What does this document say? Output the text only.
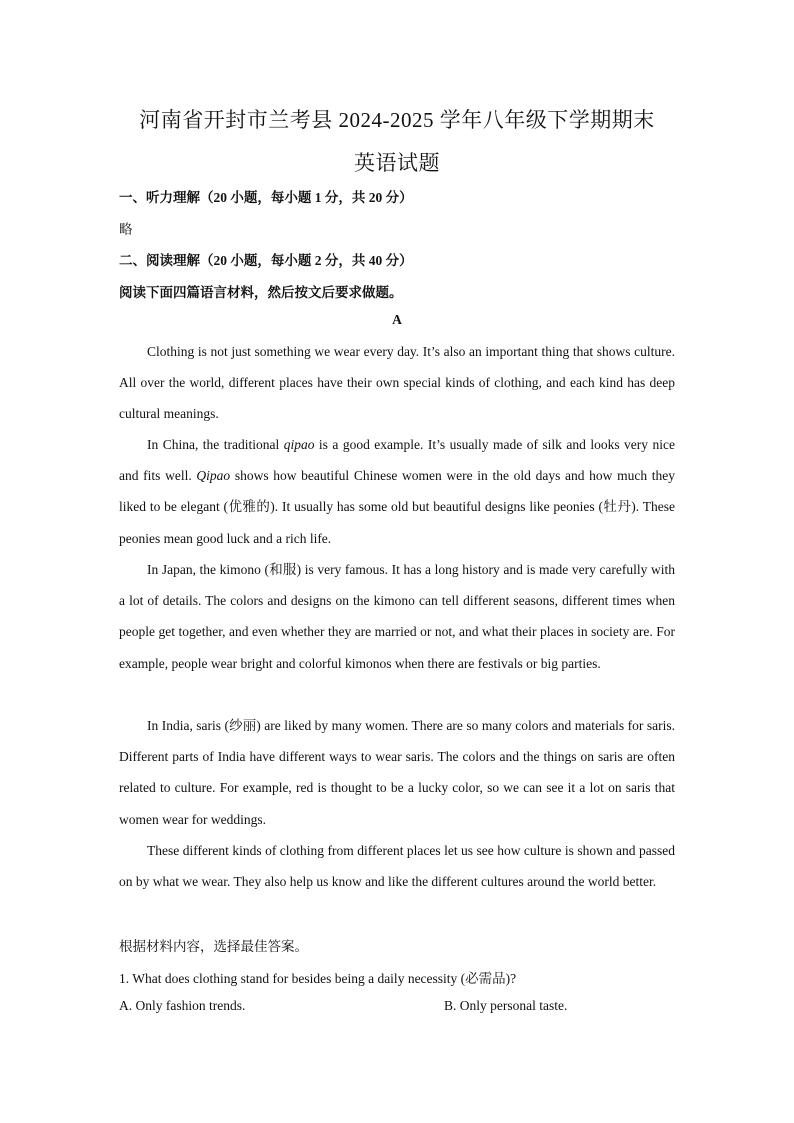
河南省开封市兰考县 2024-2025 学年八年级下学期期末
英语试题
一、听力理解（20 小题，每小题 1 分，共 20 分）
略
二、阅读理解（20 小题，每小题 2 分，共 40 分）
阅读下面四篇语言材料，然后按文后要求做题。
A
Clothing is not just something we wear every day. It’s also an important thing that shows culture. All over the world, different places have their own special kinds of clothing, and each kind has deep cultural meanings.
In China, the traditional qipao is a good example. It’s usually made of silk and looks very nice and fits well. Qipao shows how beautiful Chinese women were in the old days and how much they liked to be elegant (优雅的). It usually has some old but beautiful designs like peonies (牡丹). These peonies mean good luck and a rich life.
In Japan, the kimono (和服) is very famous. It has a long history and is made very carefully with a lot of details. The colors and designs on the kimono can tell different seasons, different times when people get together, and even whether they are married or not, and what their places in society are. For example, people wear bright and colorful kimonos when there are festivals or big parties.
In India, saris (纱丽) are liked by many women. There are so many colors and materials for saris. Different parts of India have different ways to wear saris. The colors and the things on saris are often related to culture. For example, red is thought to be a lucky color, so we can see it a lot on saris that women wear for weddings.
These different kinds of clothing from different places let us see how culture is shown and passed on by what we wear. They also help us know and like the different cultures around the world better.
根据材料内容，选择最佳答案。
1. What does clothing stand for besides being a daily necessity (必需品)?
A. Only fashion trends.	B. Only personal taste.
